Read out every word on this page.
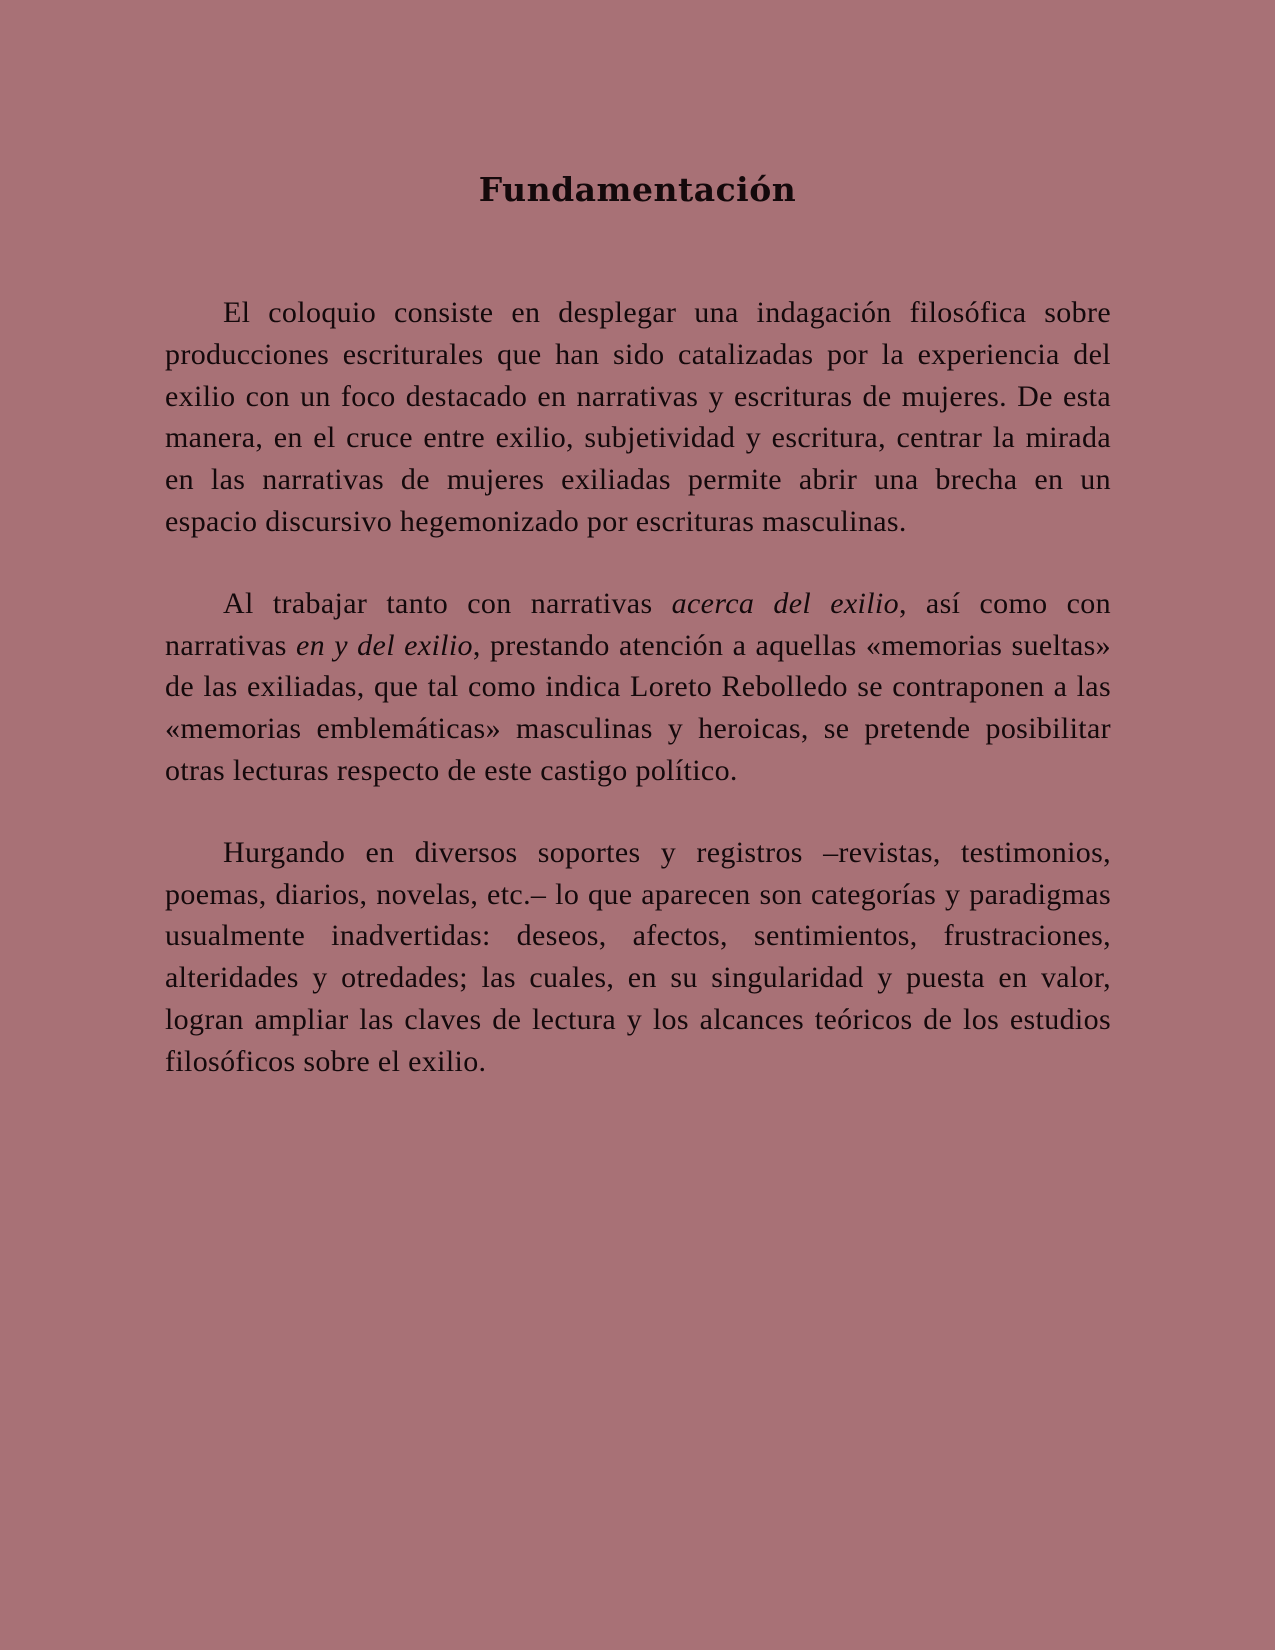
Fundamentación

El coloquio consiste en desplegar una indagación filosófica sobre producciones escriturales que han sido catalizadas por la experiencia del exilio con un foco destacado en narrativas y escrituras de mujeres. De esta manera, en el cruce entre exilio, subjetividad y escritura, centrar la mirada en las narrativas de mujeres exiliadas permite abrir una brecha en un espacio discursivo hegemonizado por escrituras masculinas.

Al trabajar tanto con narrativas acerca del exilio, así como con narrativas en y del exilio, prestando atención a aquellas «memorias sueltas» de las exiliadas, que tal como indica Loreto Rebolledo se contraponen a las «memorias emblemáticas» masculinas y heroicas, se pretende posibilitar otras lecturas respecto de este castigo político.

Hurgando en diversos soportes y registros –revistas, testimonios, poemas, diarios, novelas, etc.– lo que aparecen son categorías y paradigmas usualmente inadvertidas: deseos, afectos, sentimientos, frustraciones, alteridades y otredades; las cuales, en su singularidad y puesta en valor, logran ampliar las claves de lectura y los alcances teóricos de los estudios filosóficos sobre el exilio.
